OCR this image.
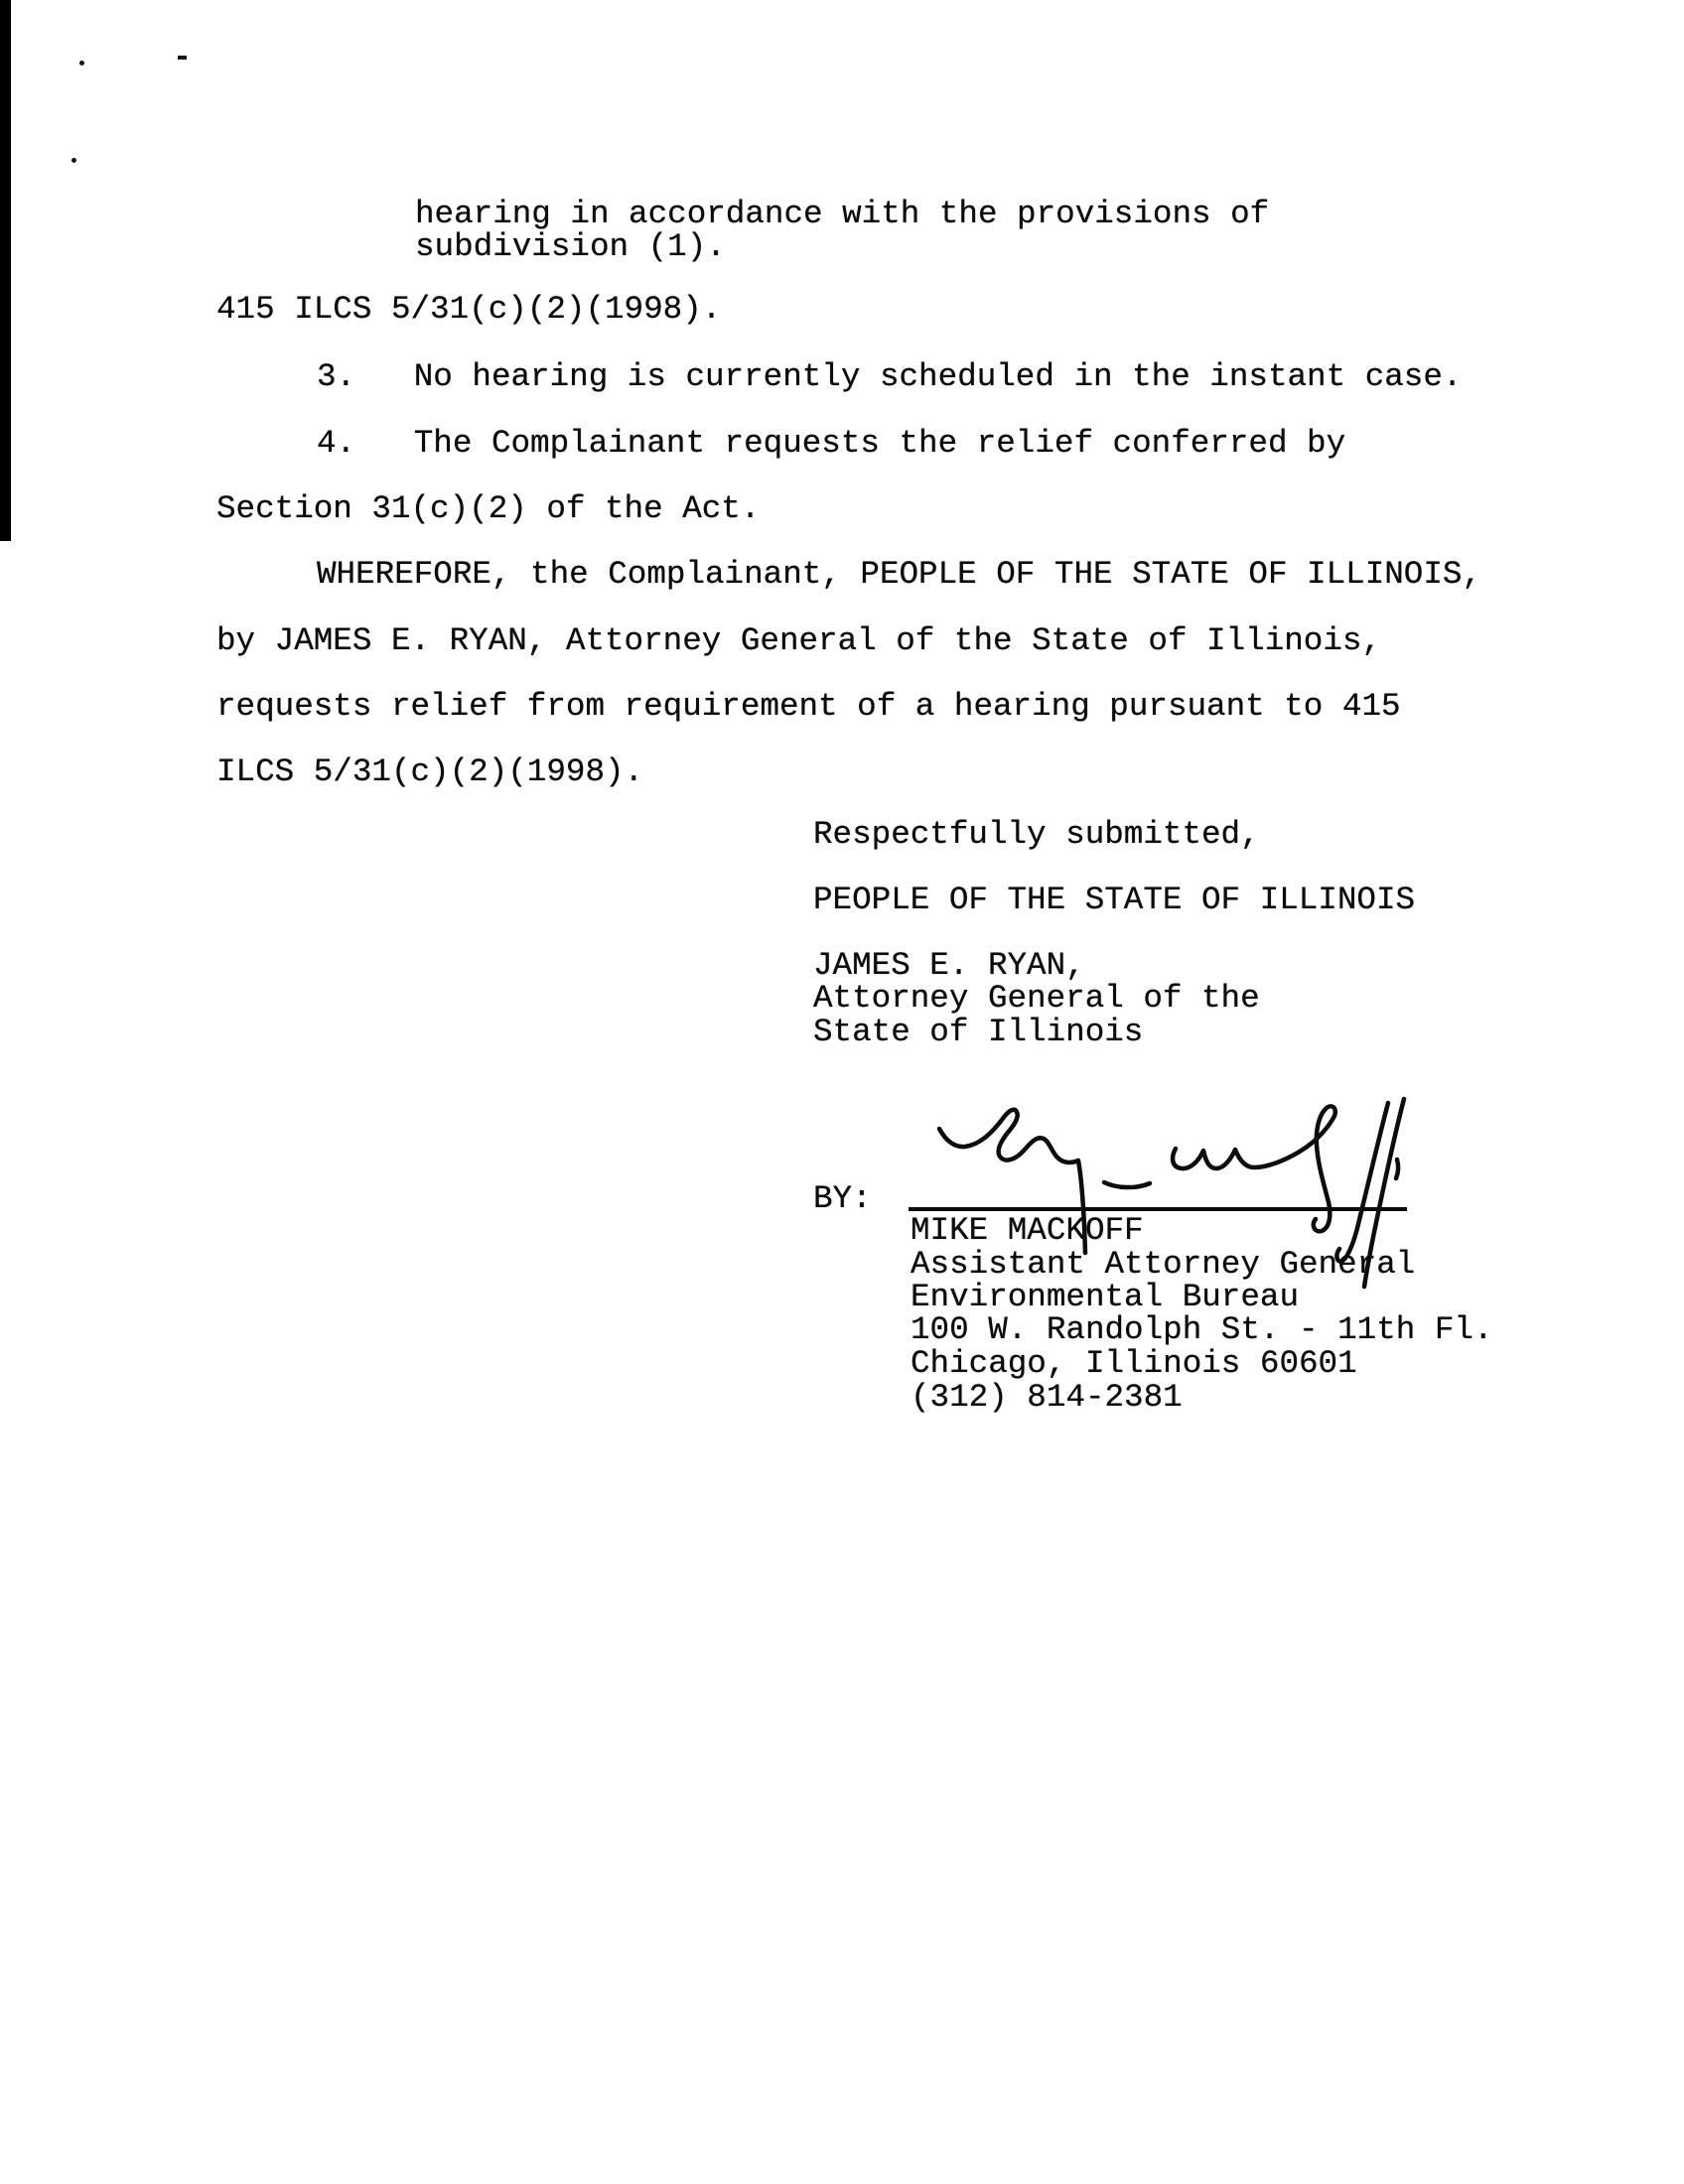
hearing in accordance with the provisions of
subdivision (1).
415 ILCS 5/31(c)(2)(1998).
3.   No hearing is currently scheduled in the instant case.
4.   The Complainant requests the relief conferred by
Section 31(c)(2) of the Act.
WHEREFORE, the Complainant, PEOPLE OF THE STATE OF ILLINOIS,
by JAMES E. RYAN, Attorney General of the State of Illinois,
requests relief from requirement of a hearing pursuant to 415
ILCS 5/31(c)(2)(1998).
Respectfully submitted,
PEOPLE OF THE STATE OF ILLINOIS
JAMES E. RYAN,
Attorney General of the
State of Illinois
BY:
MIKE MACKOFF
Assistant Attorney General
Environmental Bureau
100 W. Randolph St. - 11th Fl.
Chicago, Illinois 60601
(312) 814-2381
